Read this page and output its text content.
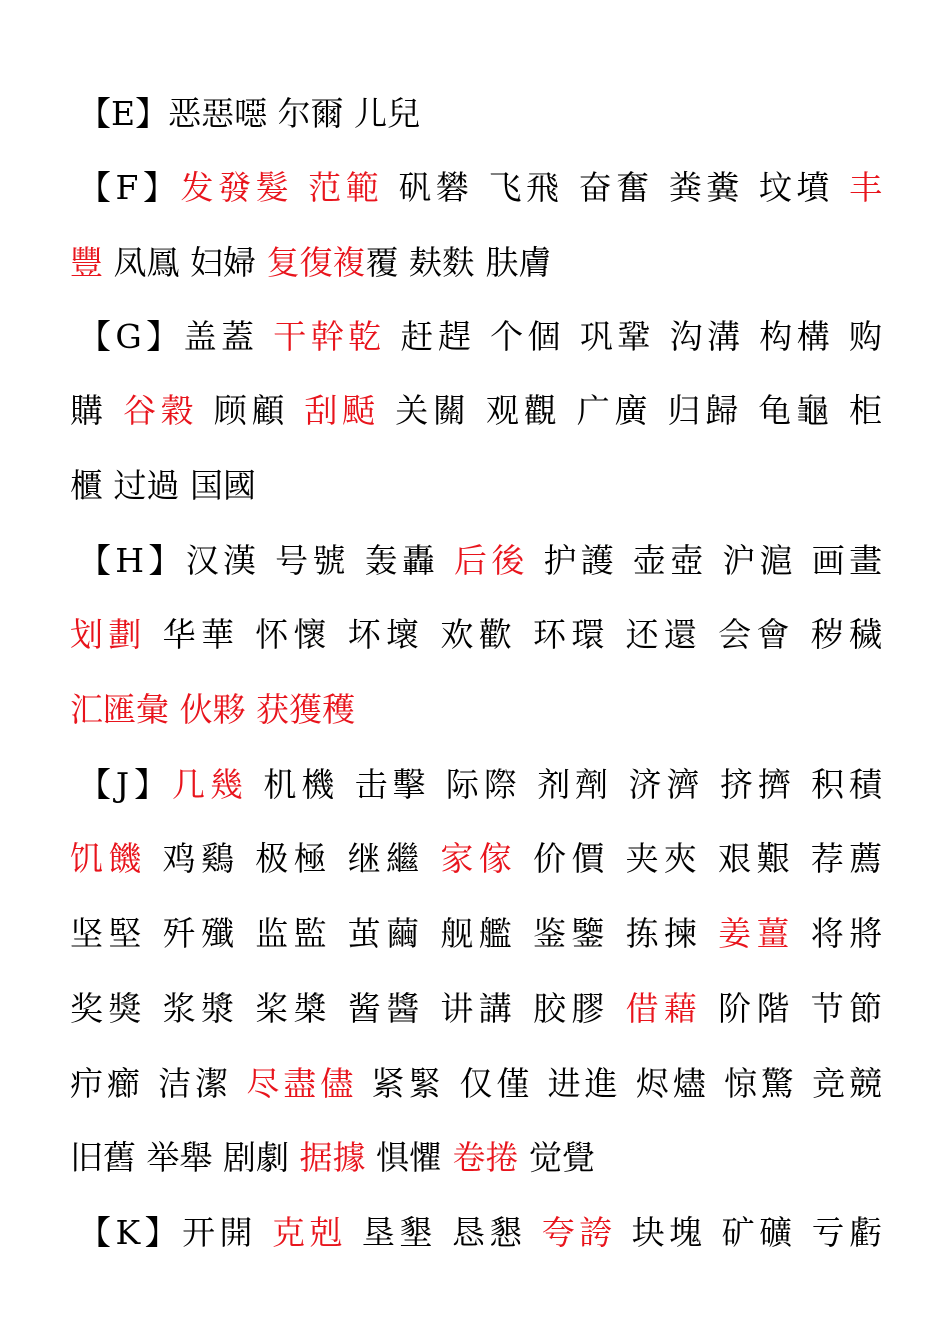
【E】恶惡噁 尔爾 儿兒
【F】发發髮 范範 矾礬 飞飛 奋奮 粪糞 坟墳 丰
豐 凤鳳 妇婦 复復複覆 麸麩 肤膚
【G】盖蓋 干幹乾 赶趕 个個 巩鞏 沟溝 构構 购
購 谷穀 顾顧 刮颳 关關 观觀 广廣 归歸 龟龜 柜
櫃 过過 国國
【H】汉漢 号號 轰轟 后後 护護 壶壺 沪滬 画畫
划劃 华華 怀懷 坏壞 欢歡 环環 还還 会會 秽穢
汇匯彙 伙夥 获獲穫
【J】几幾 机機 击擊 际際 剂劑 济濟 挤擠 积積
饥饑 鸡鷄 极極 继繼 家傢 价價 夹夾 艰艱 荐薦
坚堅 歼殲 监監 茧繭 舰艦 鉴鑒 拣揀 姜薑 将將
奖獎 浆漿 桨槳 酱醬 讲講 胶膠 借藉 阶階 节節
疖癤 洁潔 尽盡儘 紧緊 仅僅 进進 烬燼 惊驚 竞競
旧舊 举舉 剧劇 据據 惧懼 卷捲 觉覺
【K】开開 克剋 垦墾 恳懇 夸誇 块塊 矿礦 亏虧
